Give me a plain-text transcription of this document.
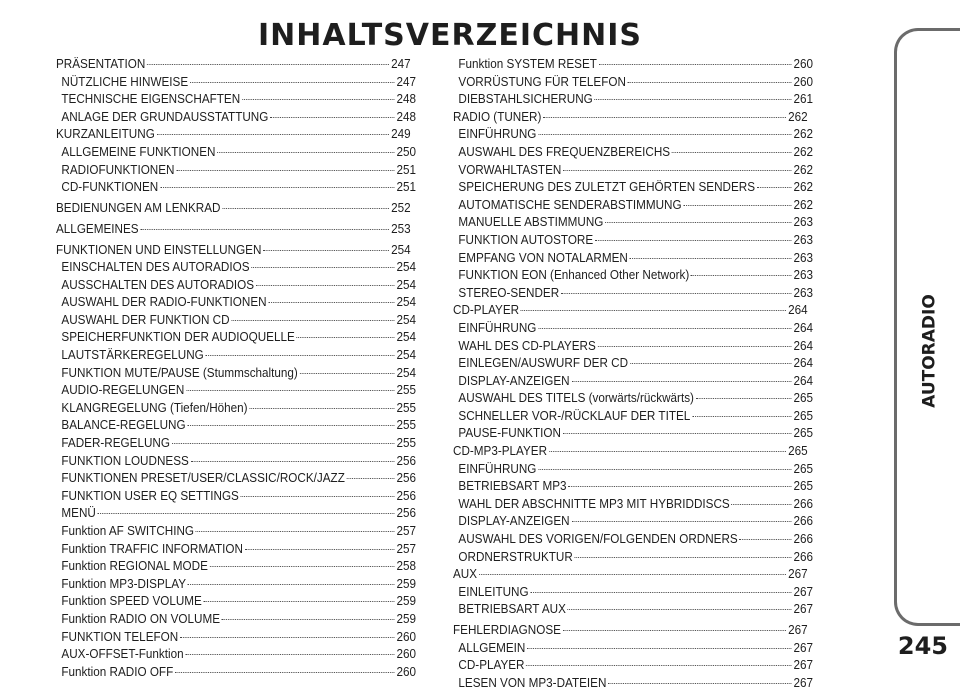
INHALTSVERZEICHNIS
PRÄSENTATION	247
NÜTZLICHE HINWEISE	247
TECHNISCHE EIGENSCHAFTEN	248
ANLAGE DER GRUNDAUSSTATTUNG	248
KURZANLEITUNG	249
ALLGEMEINE FUNKTIONEN	250
RADIOFUNKTIONEN	251
CD-FUNKTIONEN	251
BEDIENUNGEN AM LENKRAD	252
ALLGEMEINES	253
FUNKTIONEN UND EINSTELLUNGEN	254
EINSCHALTEN DES AUTORADIOS	254
AUSSCHALTEN DES AUTORADIOS	254
AUSWAHL DER RADIO-FUNKTIONEN	254
AUSWAHL DER FUNKTION CD	254
SPEICHERFUNKTION DER AUDIOQUELLE	254
LAUTSTÄRKEREGELUNG	254
FUNKTION MUTE/PAUSE (Stummschaltung)	254
AUDIO-REGELUNGEN	255
KLANGREGELUNG (Tiefen/Höhen)	255
BALANCE-REGELUNG	255
FADER-REGELUNG	255
FUNKTION LOUDNESS	256
FUNKTIONEN PRESET/USER/CLASSIC/ROCK/JAZZ	256
FUNKTION USER EQ SETTINGS	256
MENÜ	256
Funktion AF SWITCHING	257
Funktion TRAFFIC INFORMATION	257
Funktion REGIONAL MODE	258
Funktion MP3-DISPLAY	259
Funktion SPEED VOLUME	259
Funktion RADIO ON VOLUME	259
FUNKTION TELEFON	260
AUX-OFFSET-Funktion	260
Funktion RADIO OFF	260
Funktion SYSTEM RESET	260
VORRÜSTUNG FÜR TELEFON	260
DIEBSTAHLSICHERUNG	261
RADIO (TUNER)	262
EINFÜHRUNG	262
AUSWAHL DES FREQUENZBEREICHS	262
VORWAHLTASTEN	262
SPEICHERUNG DES ZULETZT GEHÖRTEN SENDERS	262
AUTOMATISCHE SENDERABSTIMMUNG	262
MANUELLE ABSTIMMUNG	263
FUNKTION AUTOSTORE	263
EMPFANG VON NOTALARMEN	263
FUNKTION EON (Enhanced Other Network)	263
STEREO-SENDER	263
CD-PLAYER	264
EINFÜHRUNG	264
WAHL DES CD-PLAYERS	264
EINLEGEN/AUSWURF DER CD	264
DISPLAY-ANZEIGEN	264
AUSWAHL DES TITELS (vorwärts/rückwärts)	265
SCHNELLER VOR-/RÜCKLAUF DER TITEL	265
PAUSE-FUNKTION	265
CD-MP3-PLAYER	265
EINFÜHRUNG	265
BETRIEBSART MP3	265
WAHL DER ABSCHNITTE MP3 MIT HYBRIDDISCS	266
DISPLAY-ANZEIGEN	266
AUSWAHL DES VORIGEN/FOLGENDEN ORDNERS	266
ORDNERSTRUKTUR	266
AUX	267
EINLEITUNG	267
BETRIEBSART AUX	267
FEHLERDIAGNOSE	267
ALLGEMEIN	267
CD-PLAYER	267
LESEN VON MP3-DATEIEN	267
AUTORADIO
245
